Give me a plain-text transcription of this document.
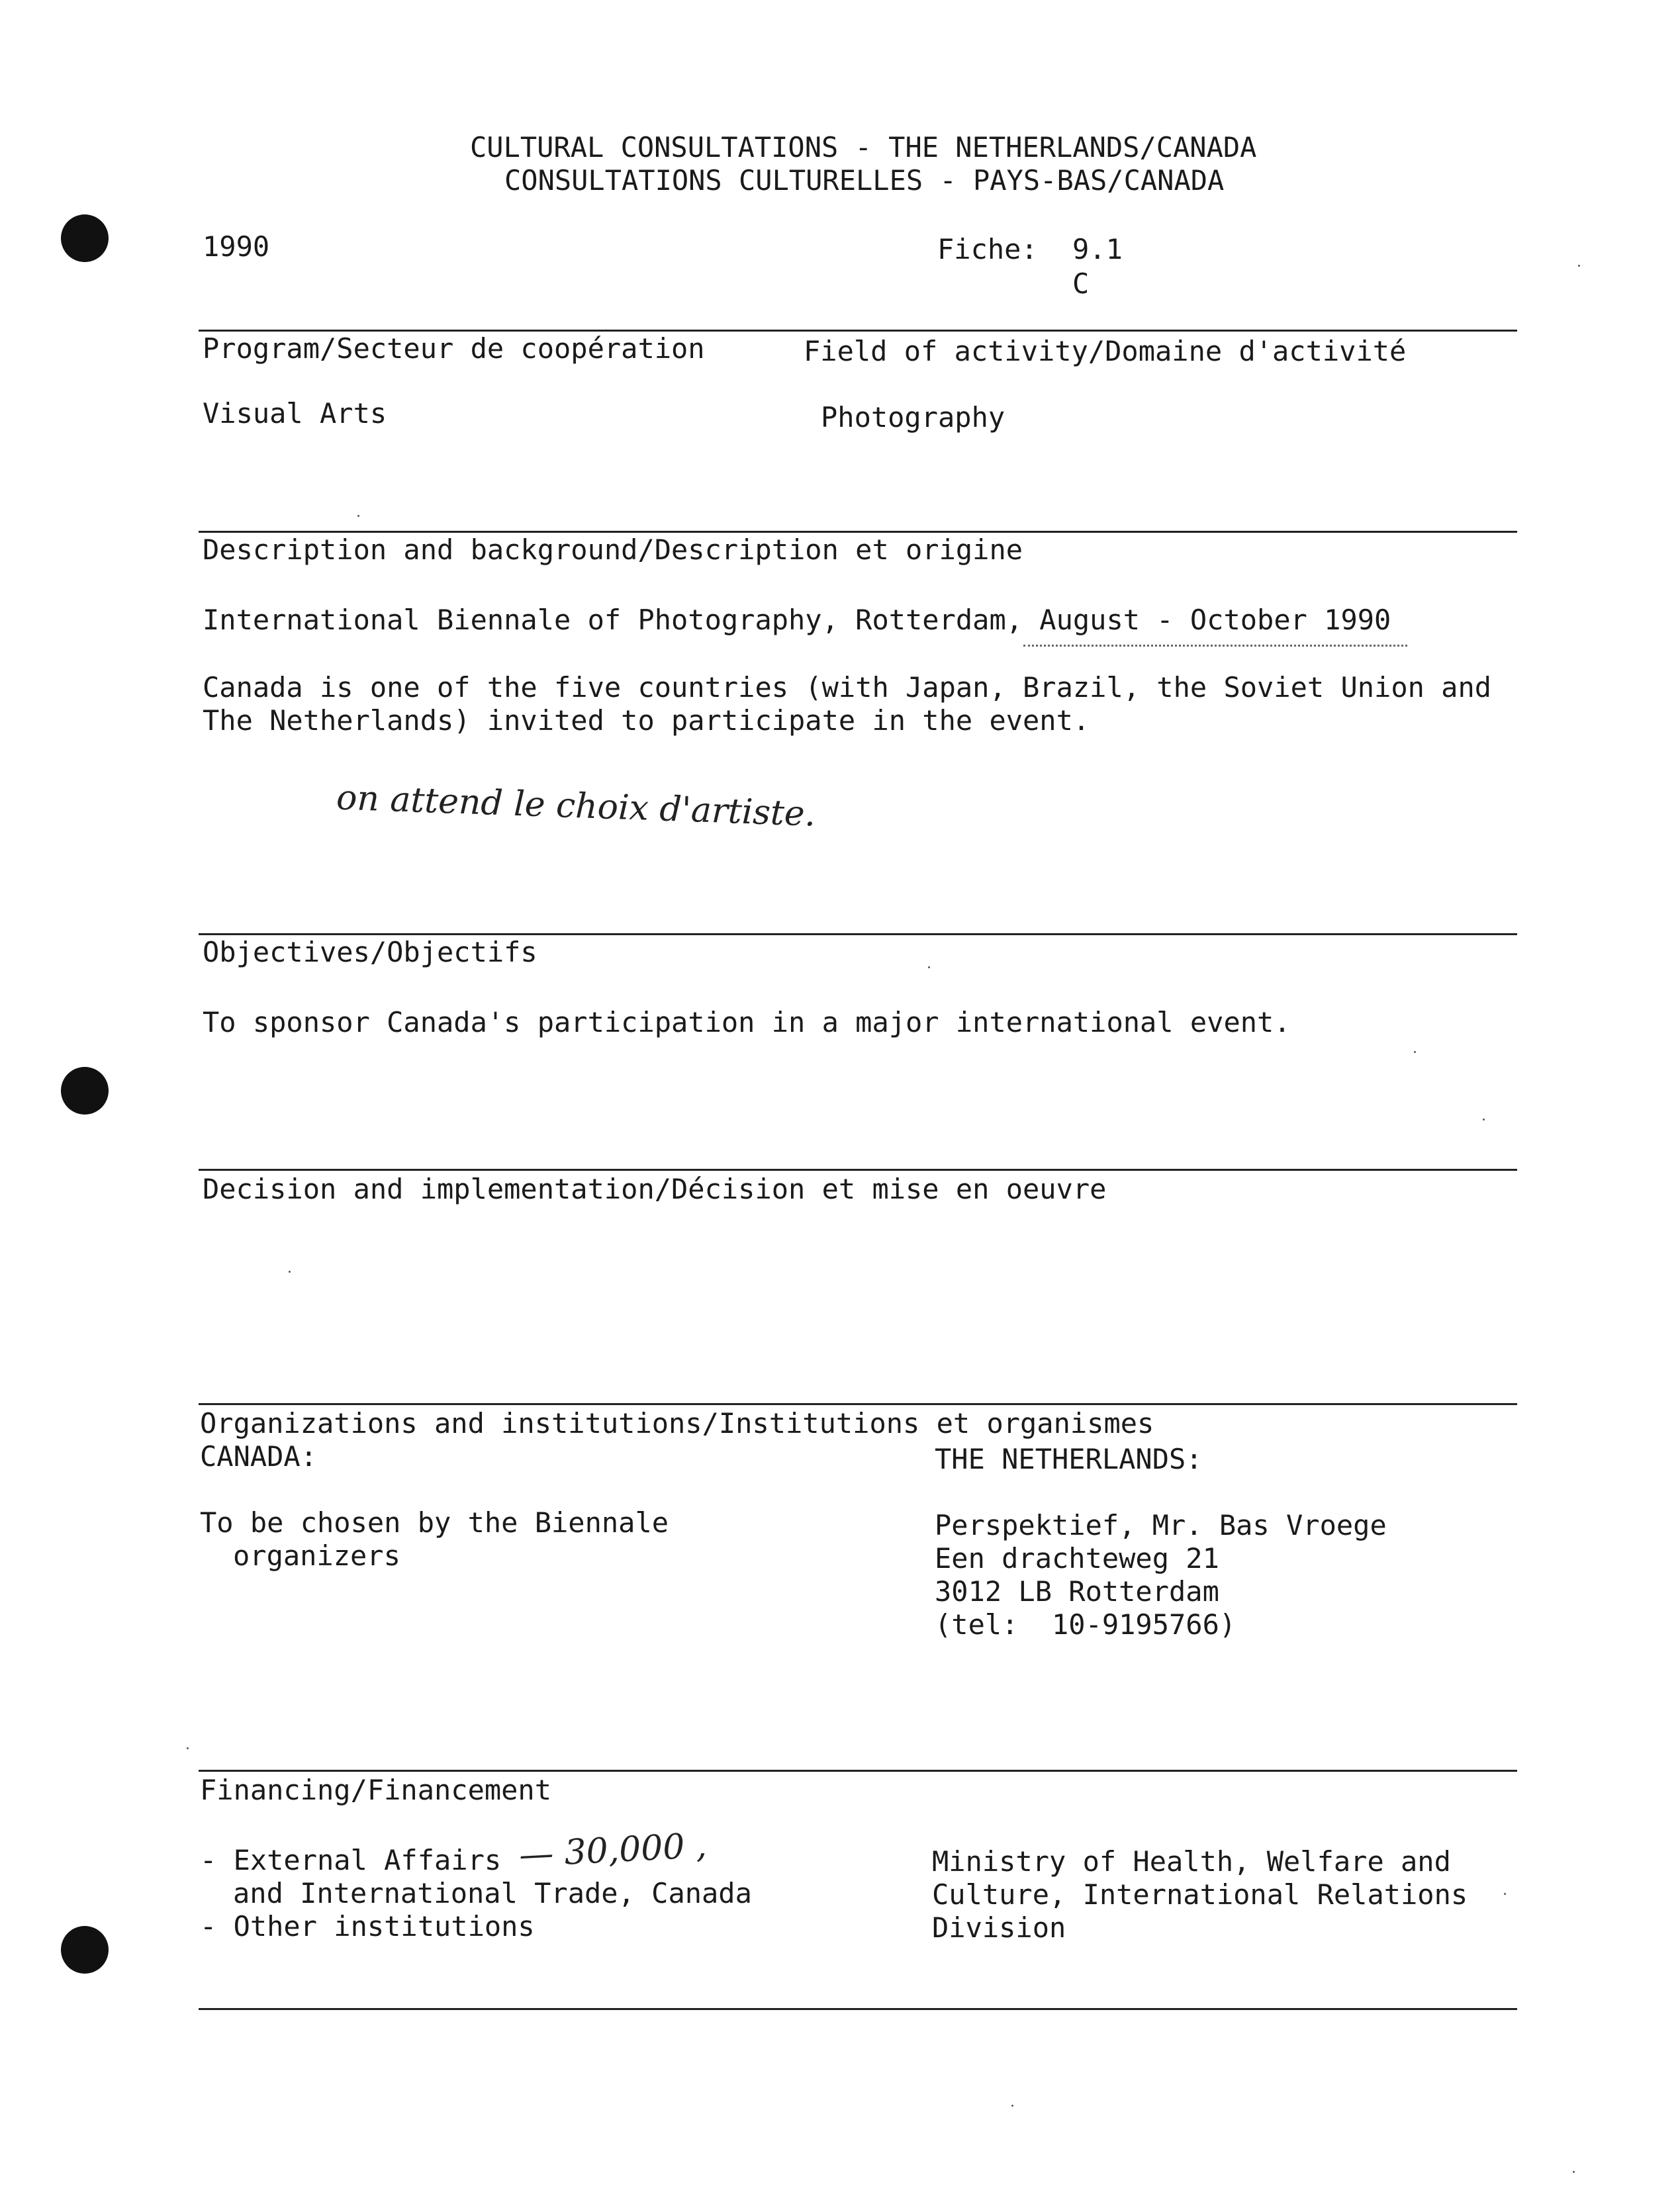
CULTURAL CONSULTATIONS - THE NETHERLANDS/CANADA
CONSULTATIONS CULTURELLES - PAYS-BAS/CANADA
1990	Fiche: 9.1
C
Program/Secteur de coopération	Field of activity/Domaine d'activité
Visual Arts	Photography
Description and background/Description et origine
International Biennale of Photography, Rotterdam, August - October 1990
Canada is one of the five countries (with Japan, Brazil, the Soviet Union and
The Netherlands) invited to participate in the event.
on attend le choix d'artiste.
Objectives/Objectifs
To sponsor Canada's participation in a major international event.
Decision and implementation/Décision et mise en oeuvre
Organizations and institutions/Institutions et organismes
CANADA:	THE NETHERLANDS:
To be chosen by the Biennale
organizers
Perspektief, Mr. Bas Vroege
Een drachteweg 21
3012 LB Rotterdam
(tel:  10-9195766)
Financing/Financement
- External Affairs — 30,000 ,
and International Trade, Canada
- Other institutions
Ministry of Health, Welfare and
Culture, International Relations
Division
